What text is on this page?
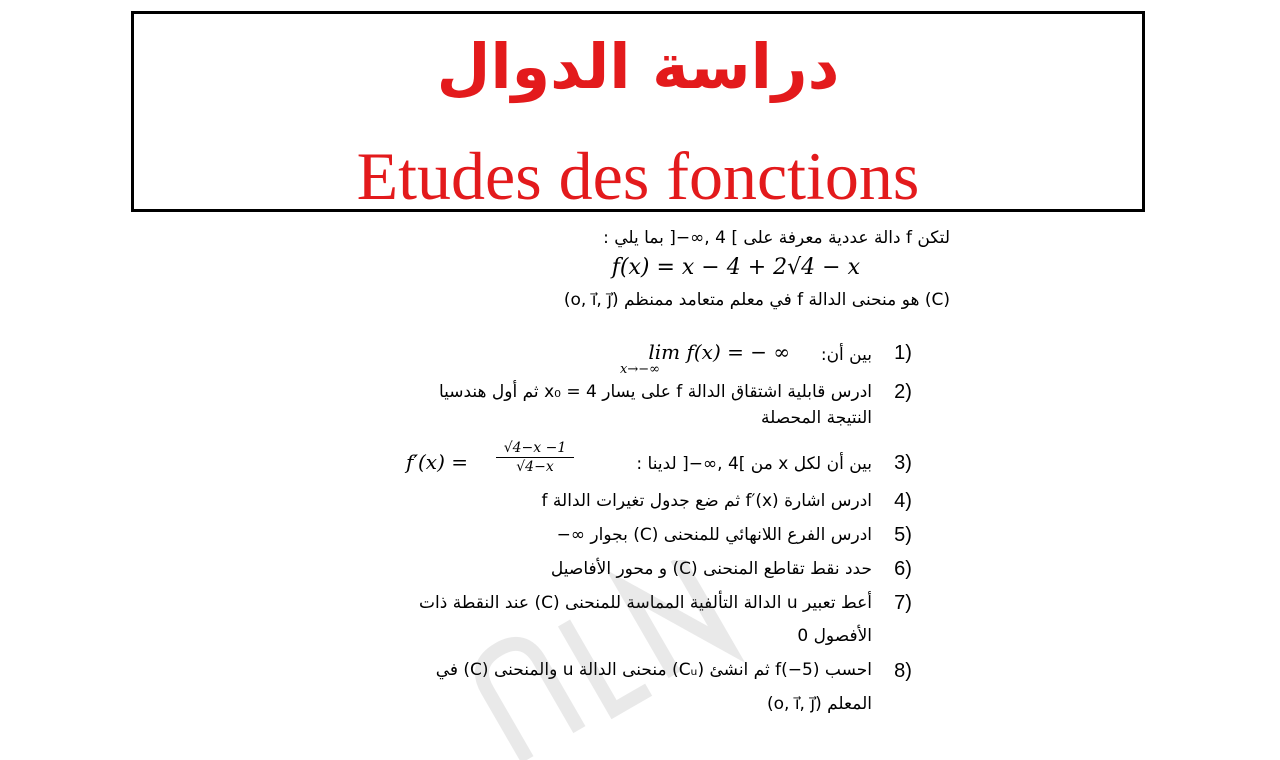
دراسة الدوال
Etudes des fonctions
لتكن f دالة عددية معرفة على ] 4 ,∞−[ بما يلي :
f(x) = x − 4 + 2√4 − x
(C) هو منحنى الدالة f في معلم متعامد ممنظم (o, ı⃗, ȷ⃗)
1)
بين أن:
lim f(x) = − ∞
x→−∞
2)
ادرس قابلية اشتقاق الدالة f على يسار 4 = x₀ ثم أول هندسيا
النتيجة المحصلة
3)
بين أن لكل x من ]4 ,∞−[ لدينا :
f′(x) =
√4−x −1
√4−x
4)
ادرس اشارة f′(x) ثم ضع جدول تغيرات الدالة f
5)
ادرس الفرع اللانهائي للمنحنى (C) بجوار ∞−
6)
حدد نقط تقاطع المنحنى (C) و محور الأفاصيل
7)
أعط تعبير u الدالة التألفية المماسة للمنحنى (C) عند النقطة ذات
الأفصول 0
8)
احسب (5−)f ثم انشئ (Cᵤ) منحنى الدالة u والمنحنى (C) في
المعلم (o, ı⃗, ȷ⃗)
